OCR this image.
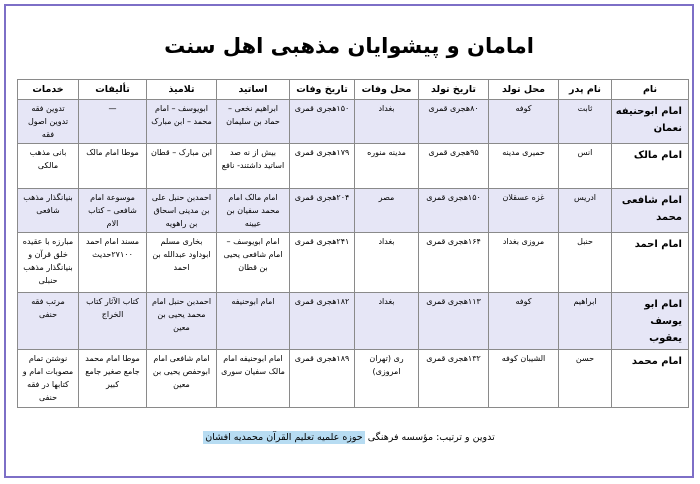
امامان و پیشوایان مذهبی اهل سنت
نام	نام پدر	محل تولد	تاریخ تولد	محل وفات	تاریخ وفات	اساتید	تلامیذ	تألیفات	خدمات
امام ابوحنیفه نعمان	ثابت	کوفه	۸۰هجری قمری	بغداد	۱۵۰هجری قمری	ابراهیم نخعی – حماد بن سلیمان	ابویوسف – امام محمد – ابن مبارک	—	تدوین فقه تدوین اصول فقه
امام مالک	انس	حمیری مدینه	۹۵هجری قمری	مدینه منوره	۱۷۹هجری قمری	بیش از نه صد اساتید داشتند- نافع	ابن مبارک – قطان	موطا امام مالک	بانی مذهب مالکی
امام شافعی محمد	ادریس	غزه عسقلان	۱۵۰هجری قمری	مصر	۲۰۴هجری قمری	امام مالک امام محمد سفیان بن عیینه	احمدبن حنبل علی بن مدینی اسحاق بن راهویه	موسوعة امام شافعی – کتاب الام	بنیانگذار مذهب شافعی
امام احمد	حنبل	مروزی بغداد	۱۶۴هجری قمری	بغداد	۲۴۱هجری قمری	امام ابویوسف – امام شافعی یحیی بن قطان	بخاری مسلم ابوداود عبدالله بن احمد	مسند امام احمد ۲۷۱۰۰حدیث	مبارزه با عقیده خلق قرآن و بنیانگذار مذهب حنبلی
امام ابو یوسف یعقوب	ابراهیم	کوفه	۱۱۳هجری قمری	بغداد	۱۸۲هجری قمری	امام ابوحنیفه	احمدبن حنبل امام محمد یحیی بن معین	کتاب الآثار کتاب الخراج	مرتب فقه حنفی
امام محمد	حسن	الشیبان کوفه	۱۳۲هجری قمری	ری (تهران امروزی)	۱۸۹هجری قمری	امام ابوحنیفه امام مالک سفیان سوری	امام شافعی امام ابوحفص یحیی بن معین	موطا امام محمد جامع صغیر جامع کبیر	نوشتن تمام مصوبات امام و کتابها در فقه حنفی
تدوین و ترتیب: مؤسسه فرهنگی حوزه علمیه تعلیم القرآن محمدیه افشان
